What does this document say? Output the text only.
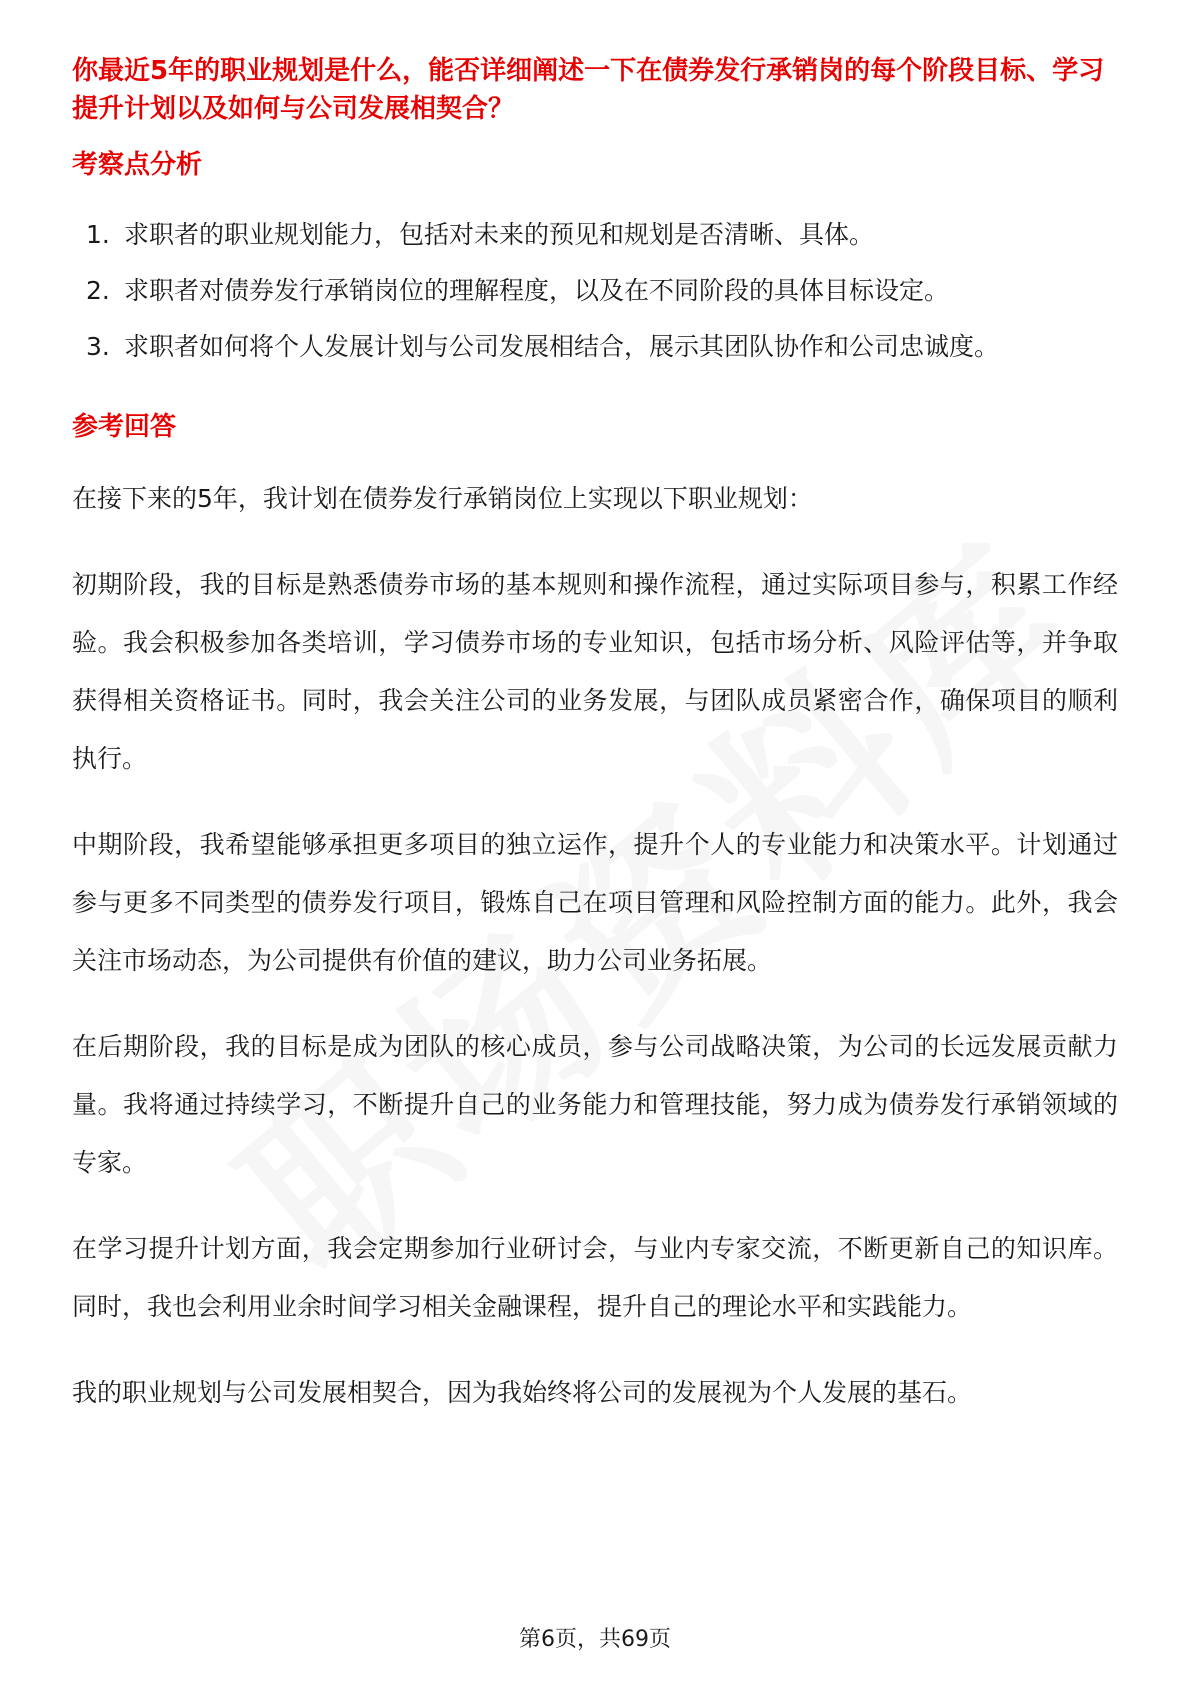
你最近5年的职业规划是什么，能否详细阐述一下在债券发行承销岗的每个阶段目标、学习提升计划以及如何与公司发展相契合？
考察点分析
1. 求职者的职业规划能力，包括对未来的预见和规划是否清晰、具体。
2. 求职者对债券发行承销岗位的理解程度，以及在不同阶段的具体目标设定。
3. 求职者如何将个人发展计划与公司发展相结合，展示其团队协作和公司忠诚度。
参考回答

在接下来的5年，我计划在债券发行承销岗位上实现以下职业规划：

初期阶段，我的目标是熟悉债券市场的基本规则和操作流程，通过实际项目参与，积累工作经验。我会积极参加各类培训，学习债券市场的专业知识，包括市场分析、风险评估等，并争取获得相关资格证书。同时，我会关注公司的业务发展，与团队成员紧密合作，确保项目的顺利执行。

中期阶段，我希望能够承担更多项目的独立运作，提升个人的专业能力和决策水平。计划通过参与更多不同类型的债券发行项目，锻炼自己在项目管理和风险控制方面的能力。此外，我会关注市场动态，为公司提供有价值的建议，助力公司业务拓展。

在后期阶段，我的目标是成为团队的核心成员，参与公司战略决策，为公司的长远发展贡献力量。我将通过持续学习，不断提升自己的业务能力和管理技能，努力成为债券发行承销领域的专家。

在学习提升计划方面，我会定期参加行业研讨会，与业内专家交流，不断更新自己的知识库。同时，我也会利用业余时间学习相关金融课程，提升自己的理论水平和实践能力。

我的职业规划与公司发展相契合，因为我始终将公司的发展视为个人发展的基石。

第6页，共69页
